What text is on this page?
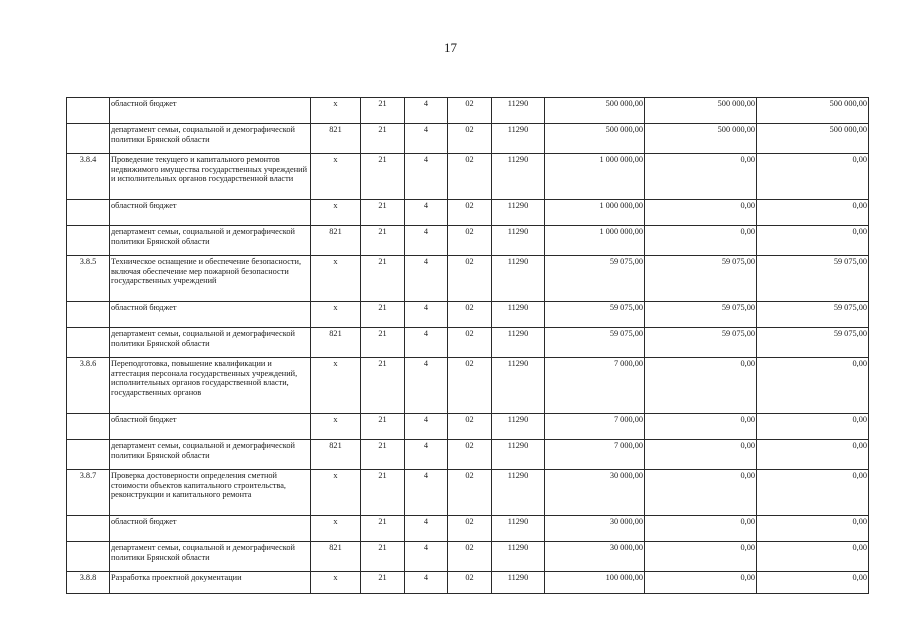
17
	областной бюджет	х	21	4	02	11290	500 000,00	500 000,00	500 000,00
	департамент семьи, социальной и демографической политики Брянской области	821	21	4	02	11290	500 000,00	500 000,00	500 000,00
3.8.4	Проведение текущего и капитального ремонтов недвижимого имущества государственных учреждений и исполнительных органов государственной власти	х	21	4	02	11290	1 000 000,00	0,00	0,00
	областной бюджет	х	21	4	02	11290	1 000 000,00	0,00	0,00
	департамент семьи, социальной и демографической политики Брянской области	821	21	4	02	11290	1 000 000,00	0,00	0,00
3.8.5	Техническое оснащение и обеспечение безопасности, включая обеспечение мер пожарной безопасности государственных учреждений	х	21	4	02	11290	59 075,00	59 075,00	59 075,00
	областной бюджет	х	21	4	02	11290	59 075,00	59 075,00	59 075,00
	департамент семьи, социальной и демографической политики Брянской области	821	21	4	02	11290	59 075,00	59 075,00	59 075,00
3.8.6	Переподготовка, повышение квалификации и аттестация персонала государственных учреждений, исполнительных органов государственной власти, государственных органов	х	21	4	02	11290	7 000,00	0,00	0,00
	областной бюджет	х	21	4	02	11290	7 000,00	0,00	0,00
	департамент семьи, социальной и демографической политики Брянской области	821	21	4	02	11290	7 000,00	0,00	0,00
3.8.7	Проверка достоверности определения сметной стоимости объектов капитального строительства, реконструкции и капитального ремонта	х	21	4	02	11290	30 000,00	0,00	0,00
	областной бюджет	х	21	4	02	11290	30 000,00	0,00	0,00
	департамент семьи, социальной и демографической политики Брянской области	821	21	4	02	11290	30 000,00	0,00	0,00
3.8.8	Разработка проектной документации	х	21	4	02	11290	100 000,00	0,00	0,00
